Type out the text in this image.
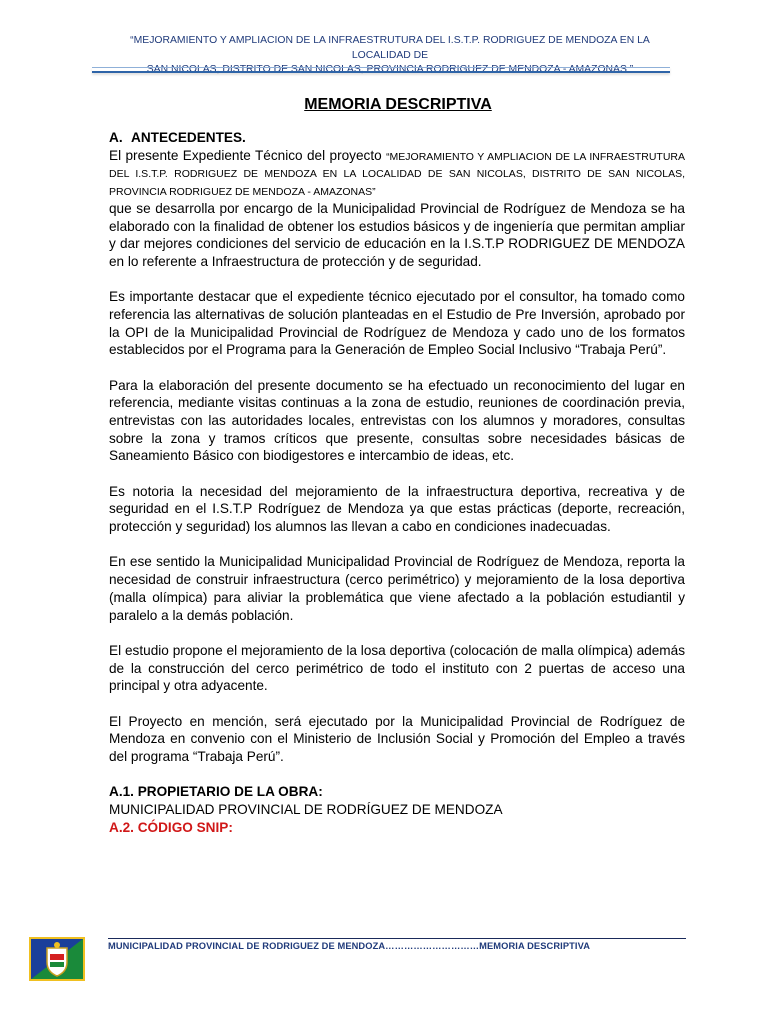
“MEJORAMIENTO Y AMPLIACION DE LA INFRAESTRUTURA DEL I.S.T.P. RODRIGUEZ DE MENDOZA EN LA LOCALIDAD DE
SAN NICOLAS, DISTRITO DE SAN NICOLAS, PROVINCIA RODRIGUEZ DE MENDOZA - AMAZONAS ”
MEMORIA DESCRIPTIVA

A. ANTECEDENTES.

El presente Expediente Técnico del proyecto “MEJORAMIENTO Y AMPLIACION DE LA INFRAESTRUTURA DEL I.S.T.P. RODRIGUEZ DE MENDOZA EN LA LOCALIDAD DE SAN NICOLAS, DISTRITO DE SAN NICOLAS, PROVINCIA RODRIGUEZ DE MENDOZA - AMAZONAS”

que se desarrolla por encargo de la Municipalidad Provincial de Rodríguez de Mendoza se ha elaborado con la finalidad de obtener los estudios básicos y de ingeniería que permitan ampliar y dar mejores condiciones del servicio de educación en la I.S.T.P RODRIGUEZ DE MENDOZA en lo referente a Infraestructura de protección y de seguridad.

Es importante destacar que el expediente técnico ejecutado por el consultor, ha tomado como referencia las alternativas de solución planteadas en el Estudio de Pre Inversión, aprobado por la OPI de la Municipalidad Provincial de Rodríguez de Mendoza y cado uno de los formatos establecidos por el Programa para la Generación de Empleo Social Inclusivo “Trabaja Perú”.

Para la elaboración del presente documento se ha efectuado un reconocimiento del lugar en referencia, mediante visitas continuas a la zona de estudio, reuniones de coordinación previa, entrevistas con las autoridades locales, entrevistas con los alumnos y moradores, consultas sobre la zona y tramos críticos que presente, consultas sobre necesidades básicas de Saneamiento Básico con biodigestores e intercambio de ideas, etc.

Es notoria la necesidad del mejoramiento de la infraestructura deportiva, recreativa y de seguridad en el I.S.T.P Rodríguez de Mendoza ya que estas prácticas (deporte, recreación, protección y seguridad) los alumnos las llevan a cabo en condiciones inadecuadas.

En ese sentido la Municipalidad Municipalidad Provincial de Rodríguez de Mendoza, reporta la necesidad de construir infraestructura (cerco perimétrico) y mejoramiento de la losa deportiva (malla olímpica) para aliviar la problemática que viene afectado a la población estudiantil y paralelo a la demás población.

El estudio propone el mejoramiento de la losa deportiva (colocación de malla olímpica) además de la construcción del cerco perimétrico de todo el instituto con 2 puertas de acceso una principal y otra adyacente.

El Proyecto en mención, será ejecutado por la Municipalidad Provincial de Rodríguez de Mendoza en convenio con el Ministerio de Inclusión Social y Promoción del Empleo a través del programa “Trabaja Perú”.

A.1. PROPIETARIO DE LA OBRA:

MUNICIPALIDAD PROVINCIAL DE RODRÍGUEZ DE MENDOZA

A.2. CÓDIGO SNIP:

MUNICIPALIDAD PROVINCIAL DE RODRIGUEZ DE MENDOZA…………………………MEMORIA DESCRIPTIVA
